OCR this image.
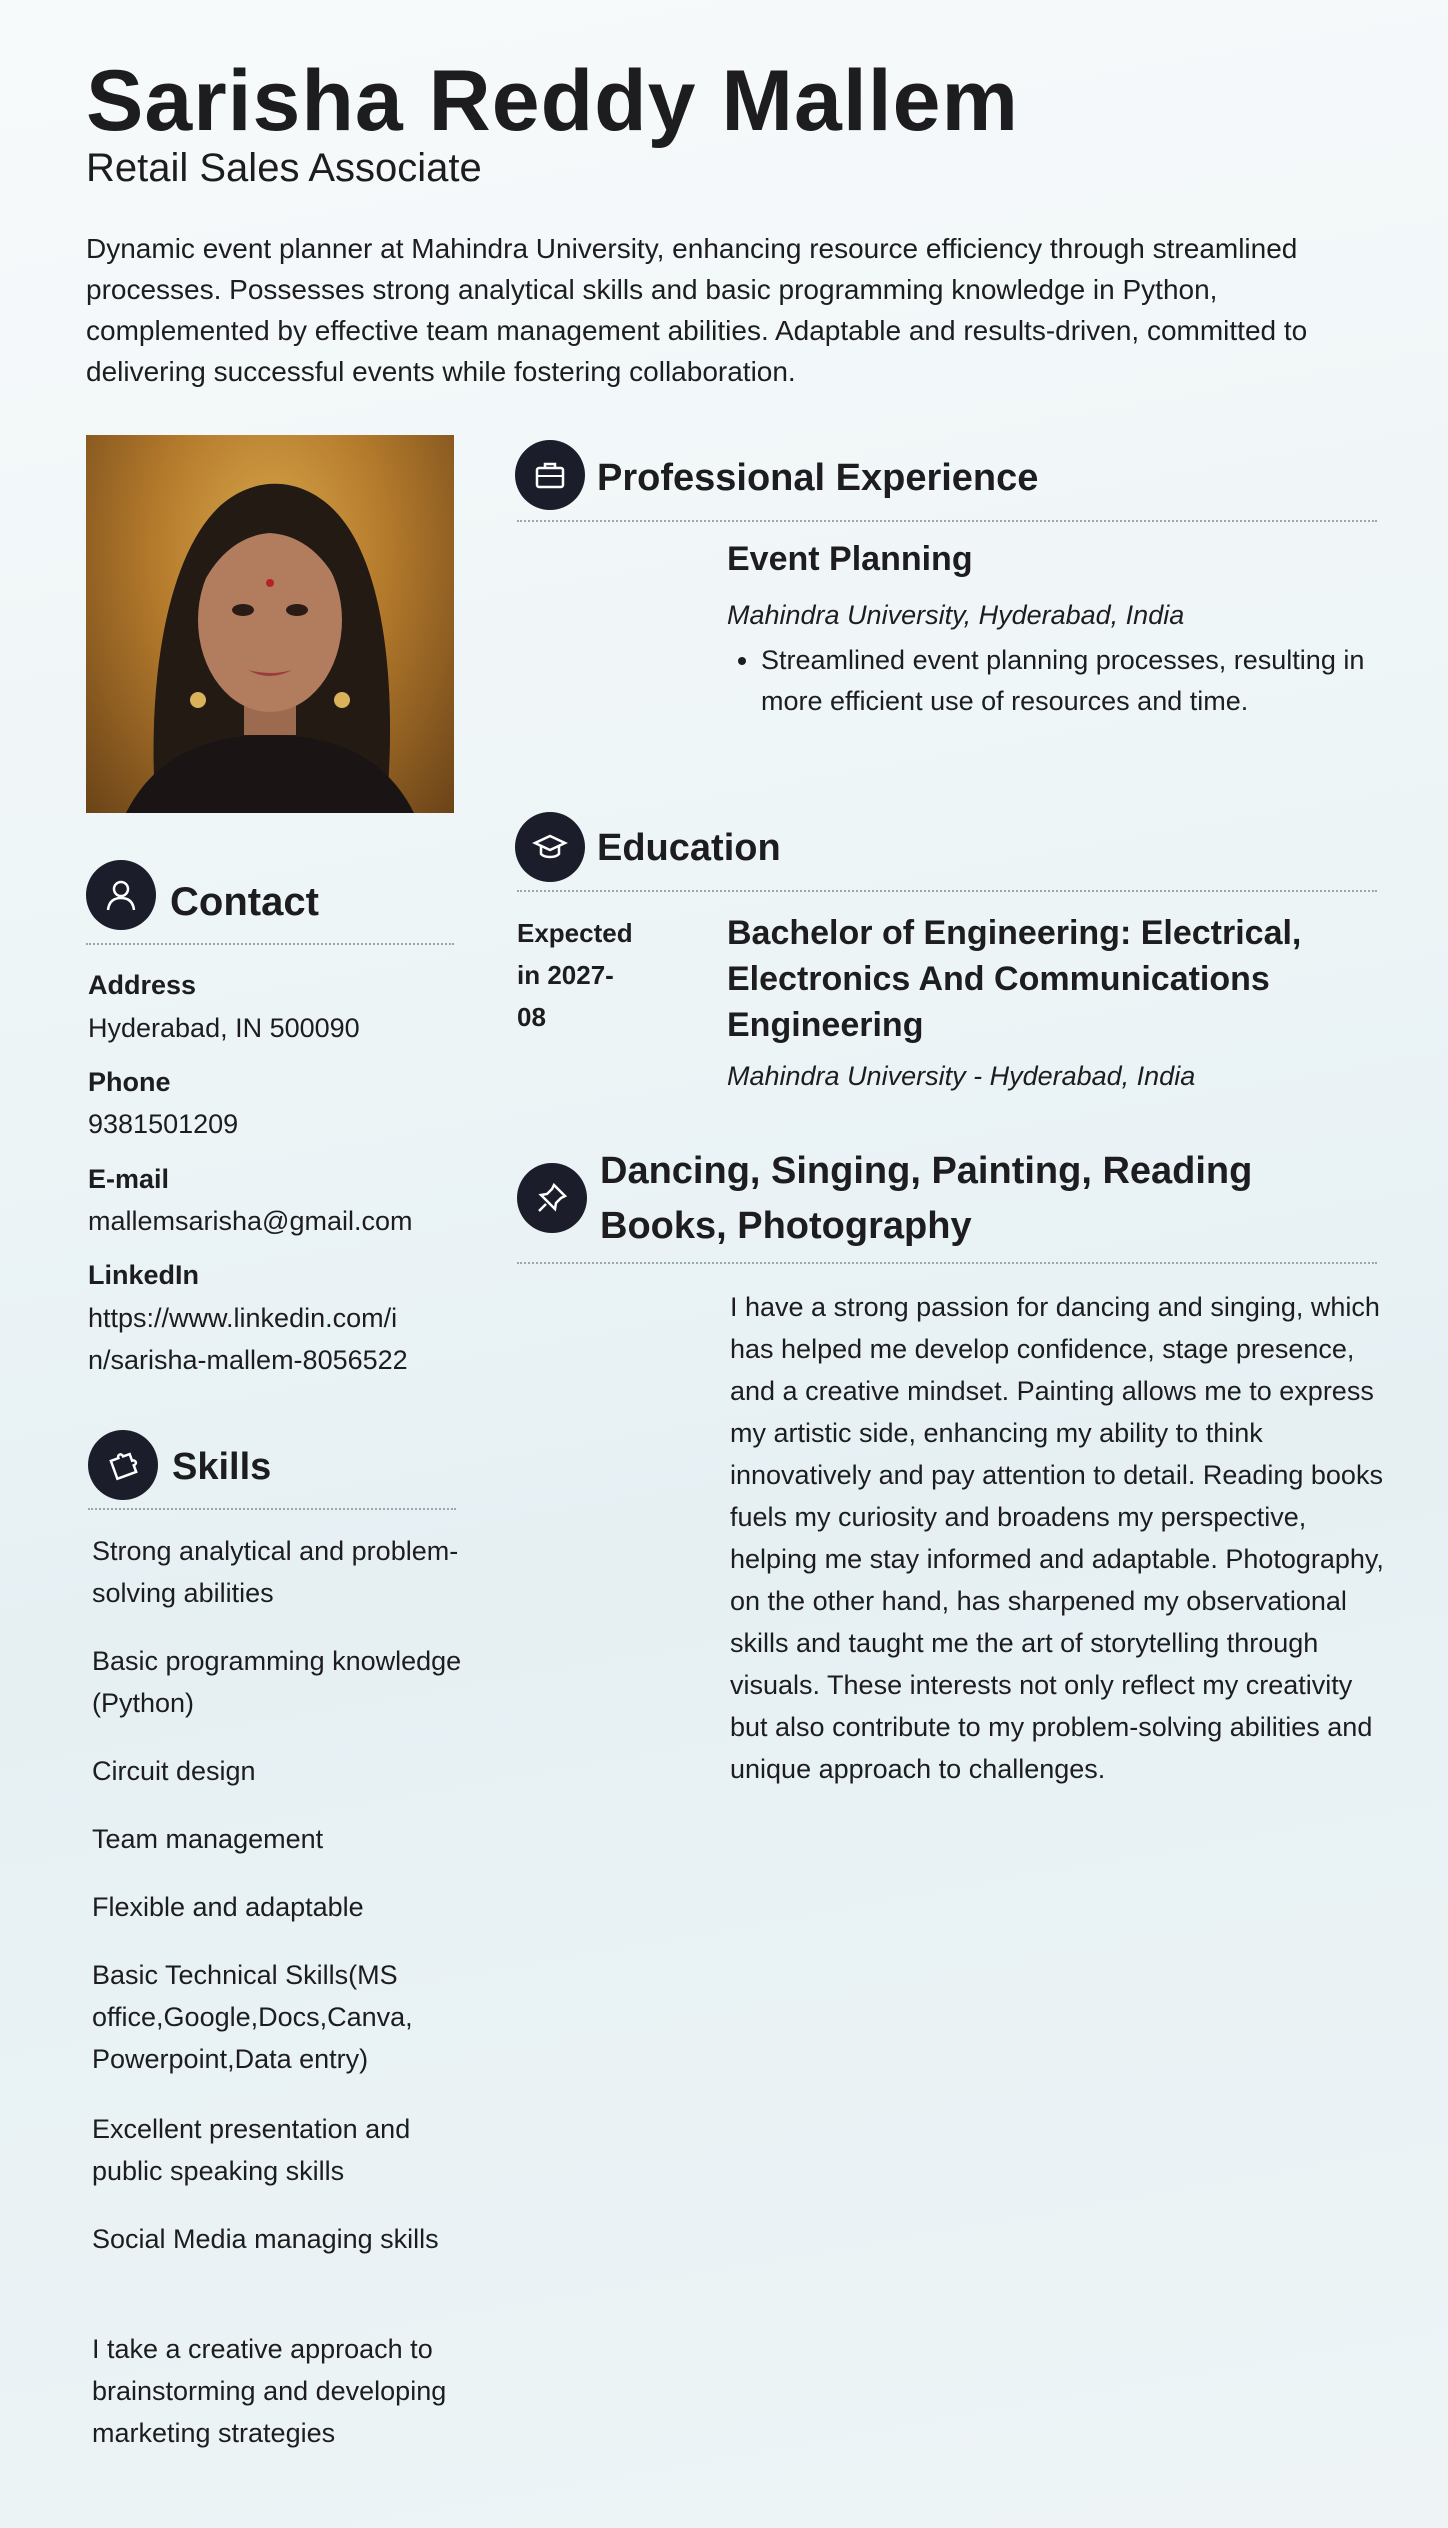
Sarisha Reddy Mallem
Retail Sales Associate

Dynamic event planner at Mahindra University, enhancing resource efficiency through streamlined processes. Possesses strong analytical skills and basic programming knowledge in Python, complemented by effective team management abilities. Adaptable and results-driven, committed to delivering successful events while fostering collaboration.

Contact
Address
Hyderabad, IN 500090
Phone
9381501209
E-mail
mallemsarisha@gmail.com
LinkedIn
https://www.linkedin.com/i
n/sarisha-mallem-8056522
Skills
Strong analytical and problem-solving abilities
Basic programming knowledge (Python)
Circuit design
Team management
Flexible and adaptable
Basic Technical Skills(MS office,Google,Docs,Canva, Powerpoint,Data entry)
Excellent presentation and public speaking skills
Social Media managing skills
I take a creative approach to brainstorming and developing marketing strategies
Professional Experience
Event Planning
Mahindra University, Hyderabad, India
• Streamlined event planning processes, resulting in more efficient use of resources and time.
Education
Expected
in 2027-
08
Bachelor of Engineering: Electrical, Electronics And Communications Engineering
Mahindra University - Hyderabad, India
Dancing, Singing, Painting, Reading Books, Photography

I have a strong passion for dancing and singing, which has helped me develop confidence, stage presence, and a creative mindset. Painting allows me to express my artistic side, enhancing my ability to think innovatively and pay attention to detail. Reading books fuels my curiosity and broadens my perspective, helping me stay informed and adaptable. Photography, on the other hand, has sharpened my observational skills and taught me the art of storytelling through visuals. These interests not only reflect my creativity but also contribute to my problem-solving abilities and unique approach to challenges.
